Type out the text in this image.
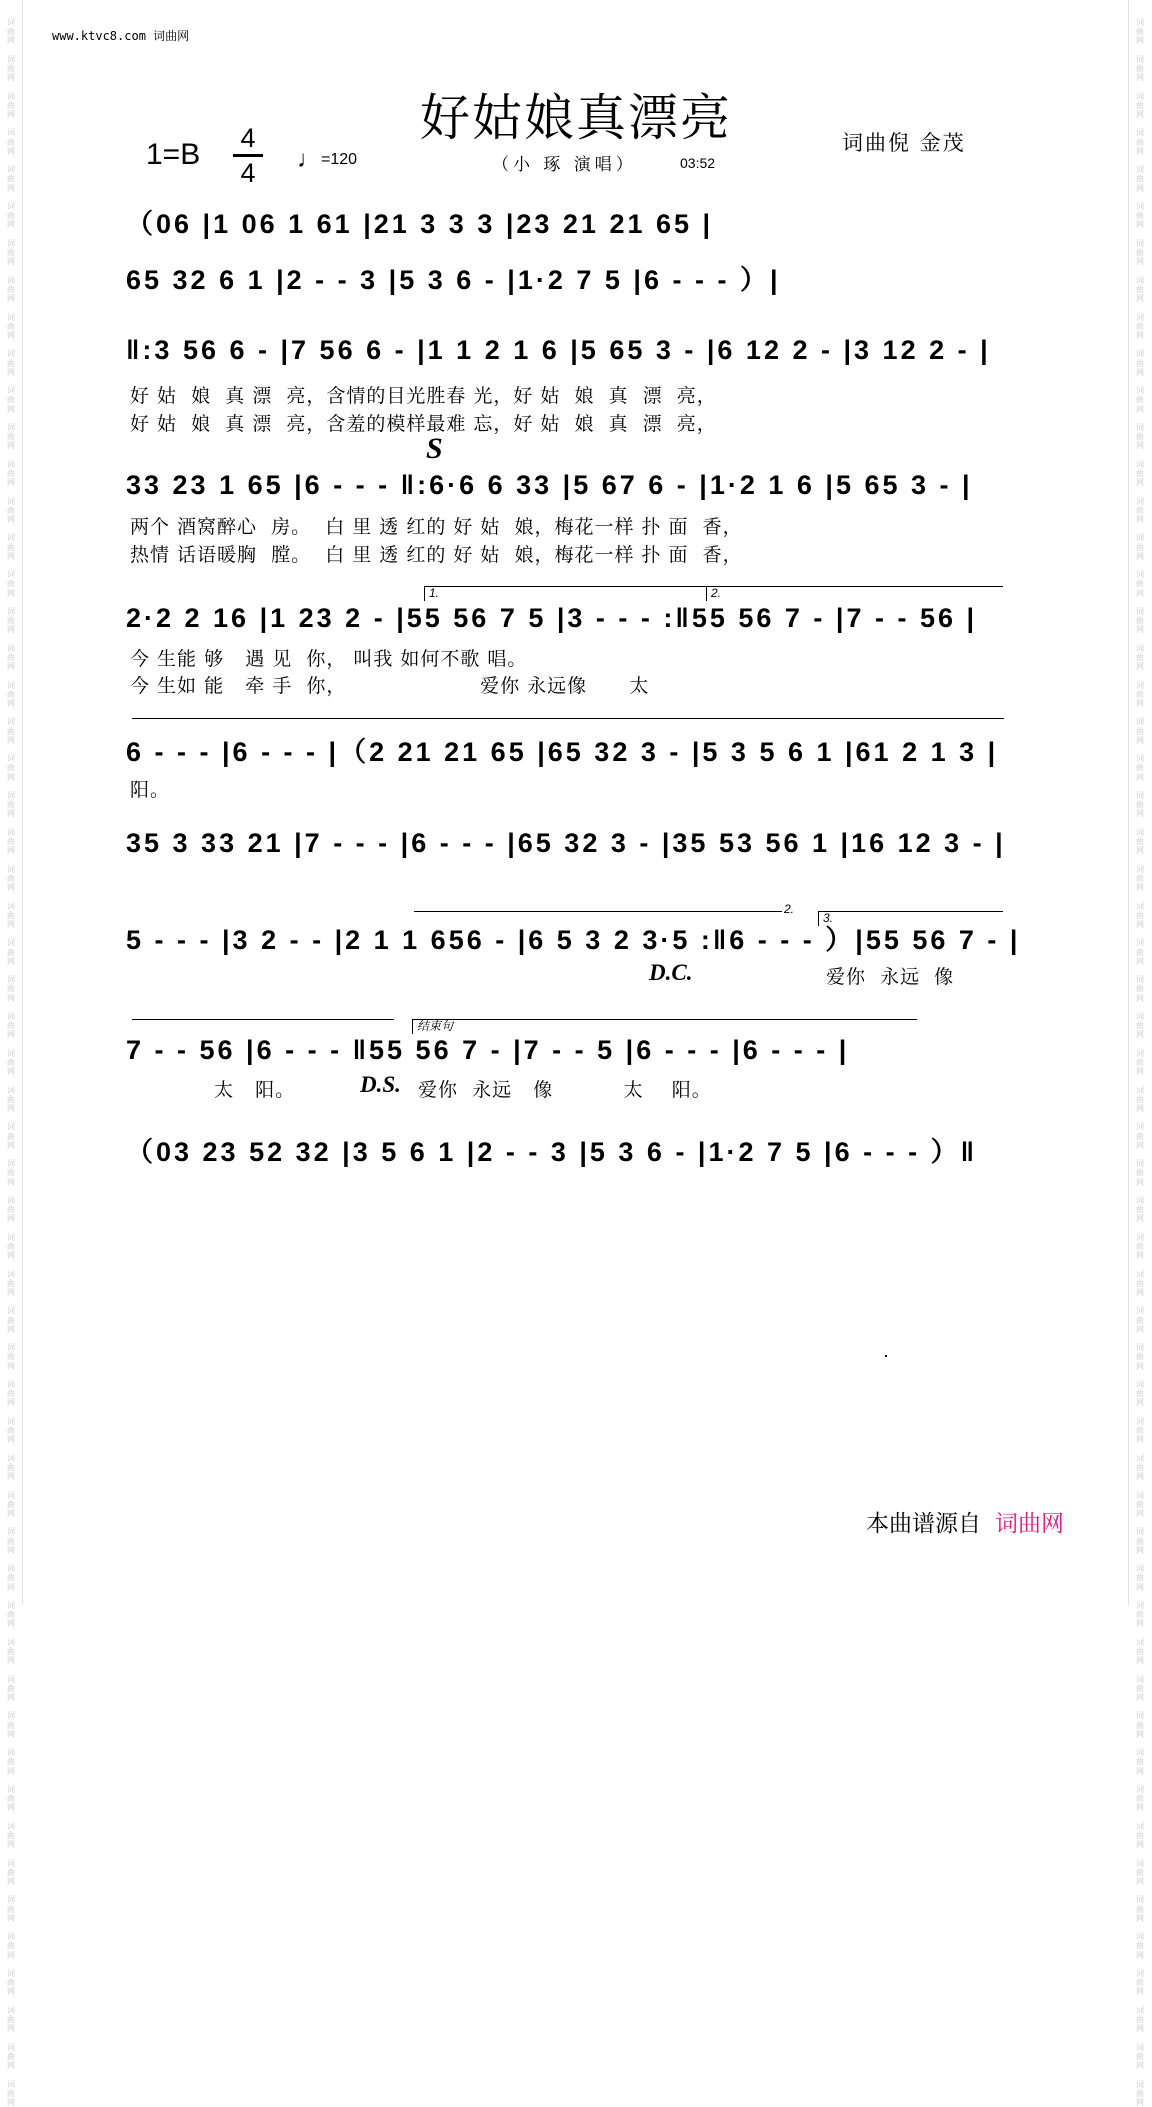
词
曲
网

词
曲
网

词
曲
网

词
曲
网

词
曲
网

词
曲
网

词
曲
网

词
曲
网

词
曲
网

词
曲
网

词
曲
网

词
曲
网

词
曲
网

词
曲
网

词
曲
网

词
曲
网

词
曲
网

词
曲
网

词
曲
网

词
曲
网

词
曲
网

词
曲
网

词
曲
网

词
曲
网

词
曲
网

词
曲
网

词
曲
网

词
曲
网

词
曲
网

词
曲
网

词
曲
网

词
曲
网

词
曲
网

词
曲
网

词
曲
网

词
曲
网

词
曲
网

词
曲
网

词
曲
网

词
曲
网

词
曲
网

词
曲
网

词
曲
网

词
曲
网

词
曲
网

词
曲
网

词
曲
网

词
曲
网

词
曲
网

词
曲
网

词
曲
网

词
曲
网

词
曲
网

词
曲
网

词
曲
网

词
曲
网

词
曲
网
词
曲
网

词
曲
网

词
曲
网

词
曲
网

词
曲
网

词
曲
网

词
曲
网

词
曲
网

词
曲
网

词
曲
网

词
曲
网

词
曲
网

词
曲
网

词
曲
网

词
曲
网

词
曲
网

词
曲
网

词
曲
网

词
曲
网

词
曲
网

词
曲
网

词
曲
网

词
曲
网

词
曲
网

词
曲
网

词
曲
网

词
曲
网

词
曲
网

词
曲
网

词
曲
网

词
曲
网

词
曲
网

词
曲
网

词
曲
网

词
曲
网

词
曲
网

词
曲
网

词
曲
网

词
曲
网

词
曲
网

词
曲
网

词
曲
网

词
曲
网

词
曲
网

词
曲
网

词
曲
网

词
曲
网

词
曲
网

词
曲
网

词
曲
网

词
曲
网

词
曲
网

词
曲
网

词
曲
网

词
曲
网

词
曲
网

词
曲
网
www.ktvc8.com 词曲网
好姑娘真漂亮
1=B 4
4	♩=120	（小 琢 演唱）	03:52
词曲倪 金茂
（06 |1 06 1 61 |21 3 3 3 |23 21 21 65 |
65 32 6 1 |2 - - 3 |5 3 6 - |1·2 7 5 |6 - - - ）|
‖:3 56 6 - |7 56 6 - |1 1 2 1 6 |5 65 3 - |6 12 2 - |3 12 2 - |
好 姑  娘  真 漂  亮，含情的目光胜春 光，好 姑  娘  真  漂  亮，
好 姑  娘  真 漂  亮，含羞的模样最难 忘，好 姑  娘  真  漂  亮，
S
33 23 1 65 |6 - - - ‖:6·6 6 33 |5 67 6 - |1·2 1 6 |5 65 3 - |
两个 酒窝醉心  房。  白 里 透 红的 好 姑  娘，梅花一样 扑 面  香，
热情 话语暖胸  膛。  白 里 透 红的 好 姑  娘，梅花一样 扑 面  香，
1.	2.
2·2 2 16 |1 23 2 - |55 56 7 5 |3 - - - :‖55 56 7 - |7 - - 56 |
今 生能 够   遇 见  你， 叫我 如何不歌 唱。
今 生如 能   牵 手  你，                   爱你 永远像      太
6 - - - |6 - - - |（2 21 21 65 |65 32 3 - |5 3 5 6 1 |61 2 1 3 |
阳。
35 3 33 21 |7 - - - |6 - - - |65 32 3 - |35 53 56 1 |16 12 3 - |
2.
3.
5 - - - |3 2 - - |2 1 1 656 - |6 5 3 2 3·5 :‖6 - - - ）|55 56 7 - |
D.C.	爱你  永远  像
结束句
7 - - 56 |6 - - - ‖55 56 7 - |7 - - 5 |6 - - - |6 - - - |
太   阳。	D.S. 爱你  永远   像          太    阳。
（03 23 52 32 |3 5 6 1 |2 - - 3 |5 3 6 - |1·2 7 5 |6 - - - ）‖
本曲谱源自 词曲网
